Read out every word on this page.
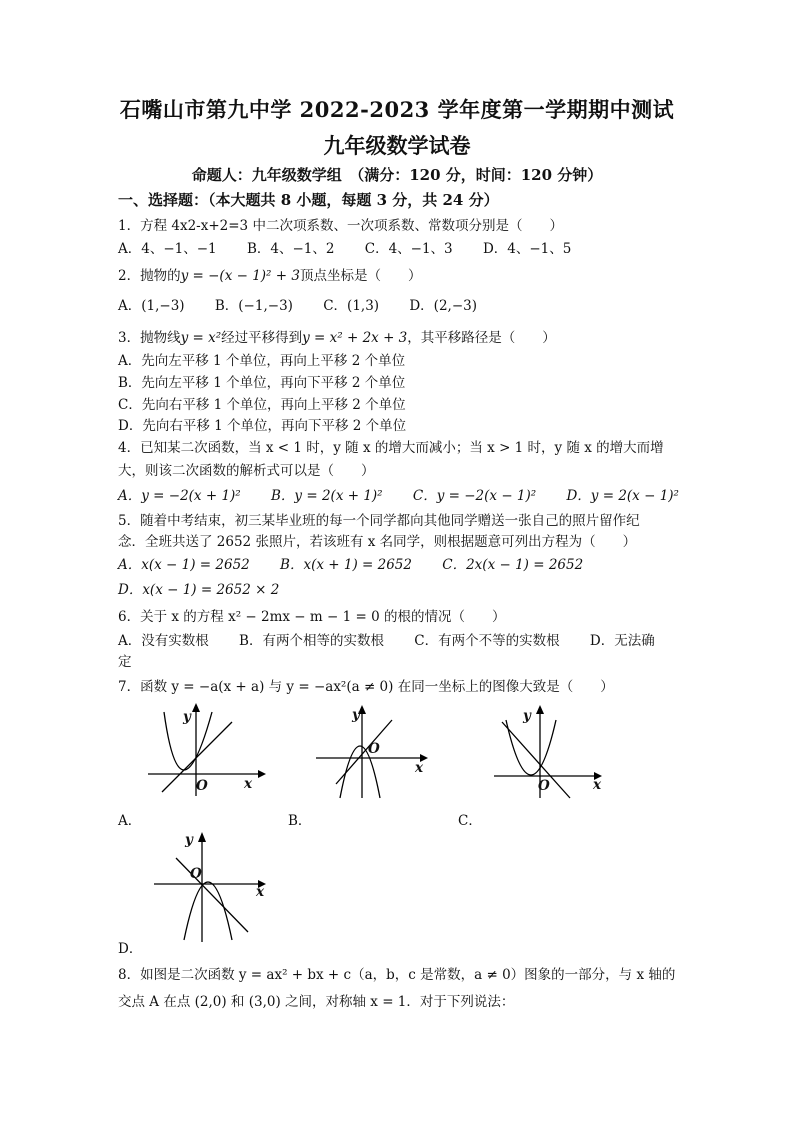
石嘴山市第九中学 2022-2023 学年度第一学期期中测试
九年级数学试卷
命题人：九年级数学组　（满分：120 分，时间：120 分钟）
一、选择题：（本大题共 8 小题，每题 3 分，共 24 分）
1．方程 4x2-x+2=3 中二次项系数、一次项系数、常数项分别是（　　）
A．4、−1、−1 B．4、−1、2 C．4、−1、3 D．4、−1、5
2．抛物的y = −(x − 1)² + 3顶点坐标是（　　）
A．(1,−3) B．(−1,−3) C．(1,3) D．(2,−3)
3．抛物线y = x²经过平移得到y = x² + 2x + 3，其平移路径是（　　）
A．先向左平移 1 个单位，再向上平移 2 个单位
B．先向左平移 1 个单位，再向下平移 2 个单位
C．先向右平移 1 个单位，再向上平移 2 个单位
D．先向右平移 1 个单位，再向下平移 2 个单位
4．已知某二次函数，当 x < 1 时，y 随 x 的增大而减小；当 x > 1 时，y 随 x 的增大而增
大，则该二次函数的解析式可以是（　　）
A．y = −2(x + 1)² B．y = 2(x + 1)² C．y = −2(x − 1)² D．y = 2(x − 1)²
5．随着中考结束，初三某毕业班的每一个同学都向其他同学赠送一张自己的照片留作纪
念．全班共送了 2652 张照片，若该班有 x 名同学，则根据题意可列出方程为（　　）
A．x(x − 1) = 2652 B．x(x + 1) = 2652 C．2x(x − 1) = 2652
D．x(x − 1) = 2652 × 2
6．关于 x 的方程 x² − 2mx − m − 1 = 0 的根的情况（　　）
A．没有实数根 B．有两个相等的实数根 C．有两个不等的实数根 D．无法确
定
7．函数 y = −a(x + a) 与 y = −ax²(a ≠ 0) 在同一坐标上的图像大致是（　　）
y
x
O
A．
y
x
O
B．
y
x
O
C．
y
x
O
D．
8．如图是二次函数 y = ax² + bx + c（a，b，c 是常数，a ≠ 0）图象的一部分，与 x 轴的
交点 A 在点 (2,0) 和 (3,0) 之间，对称轴 x = 1．对于下列说法：
